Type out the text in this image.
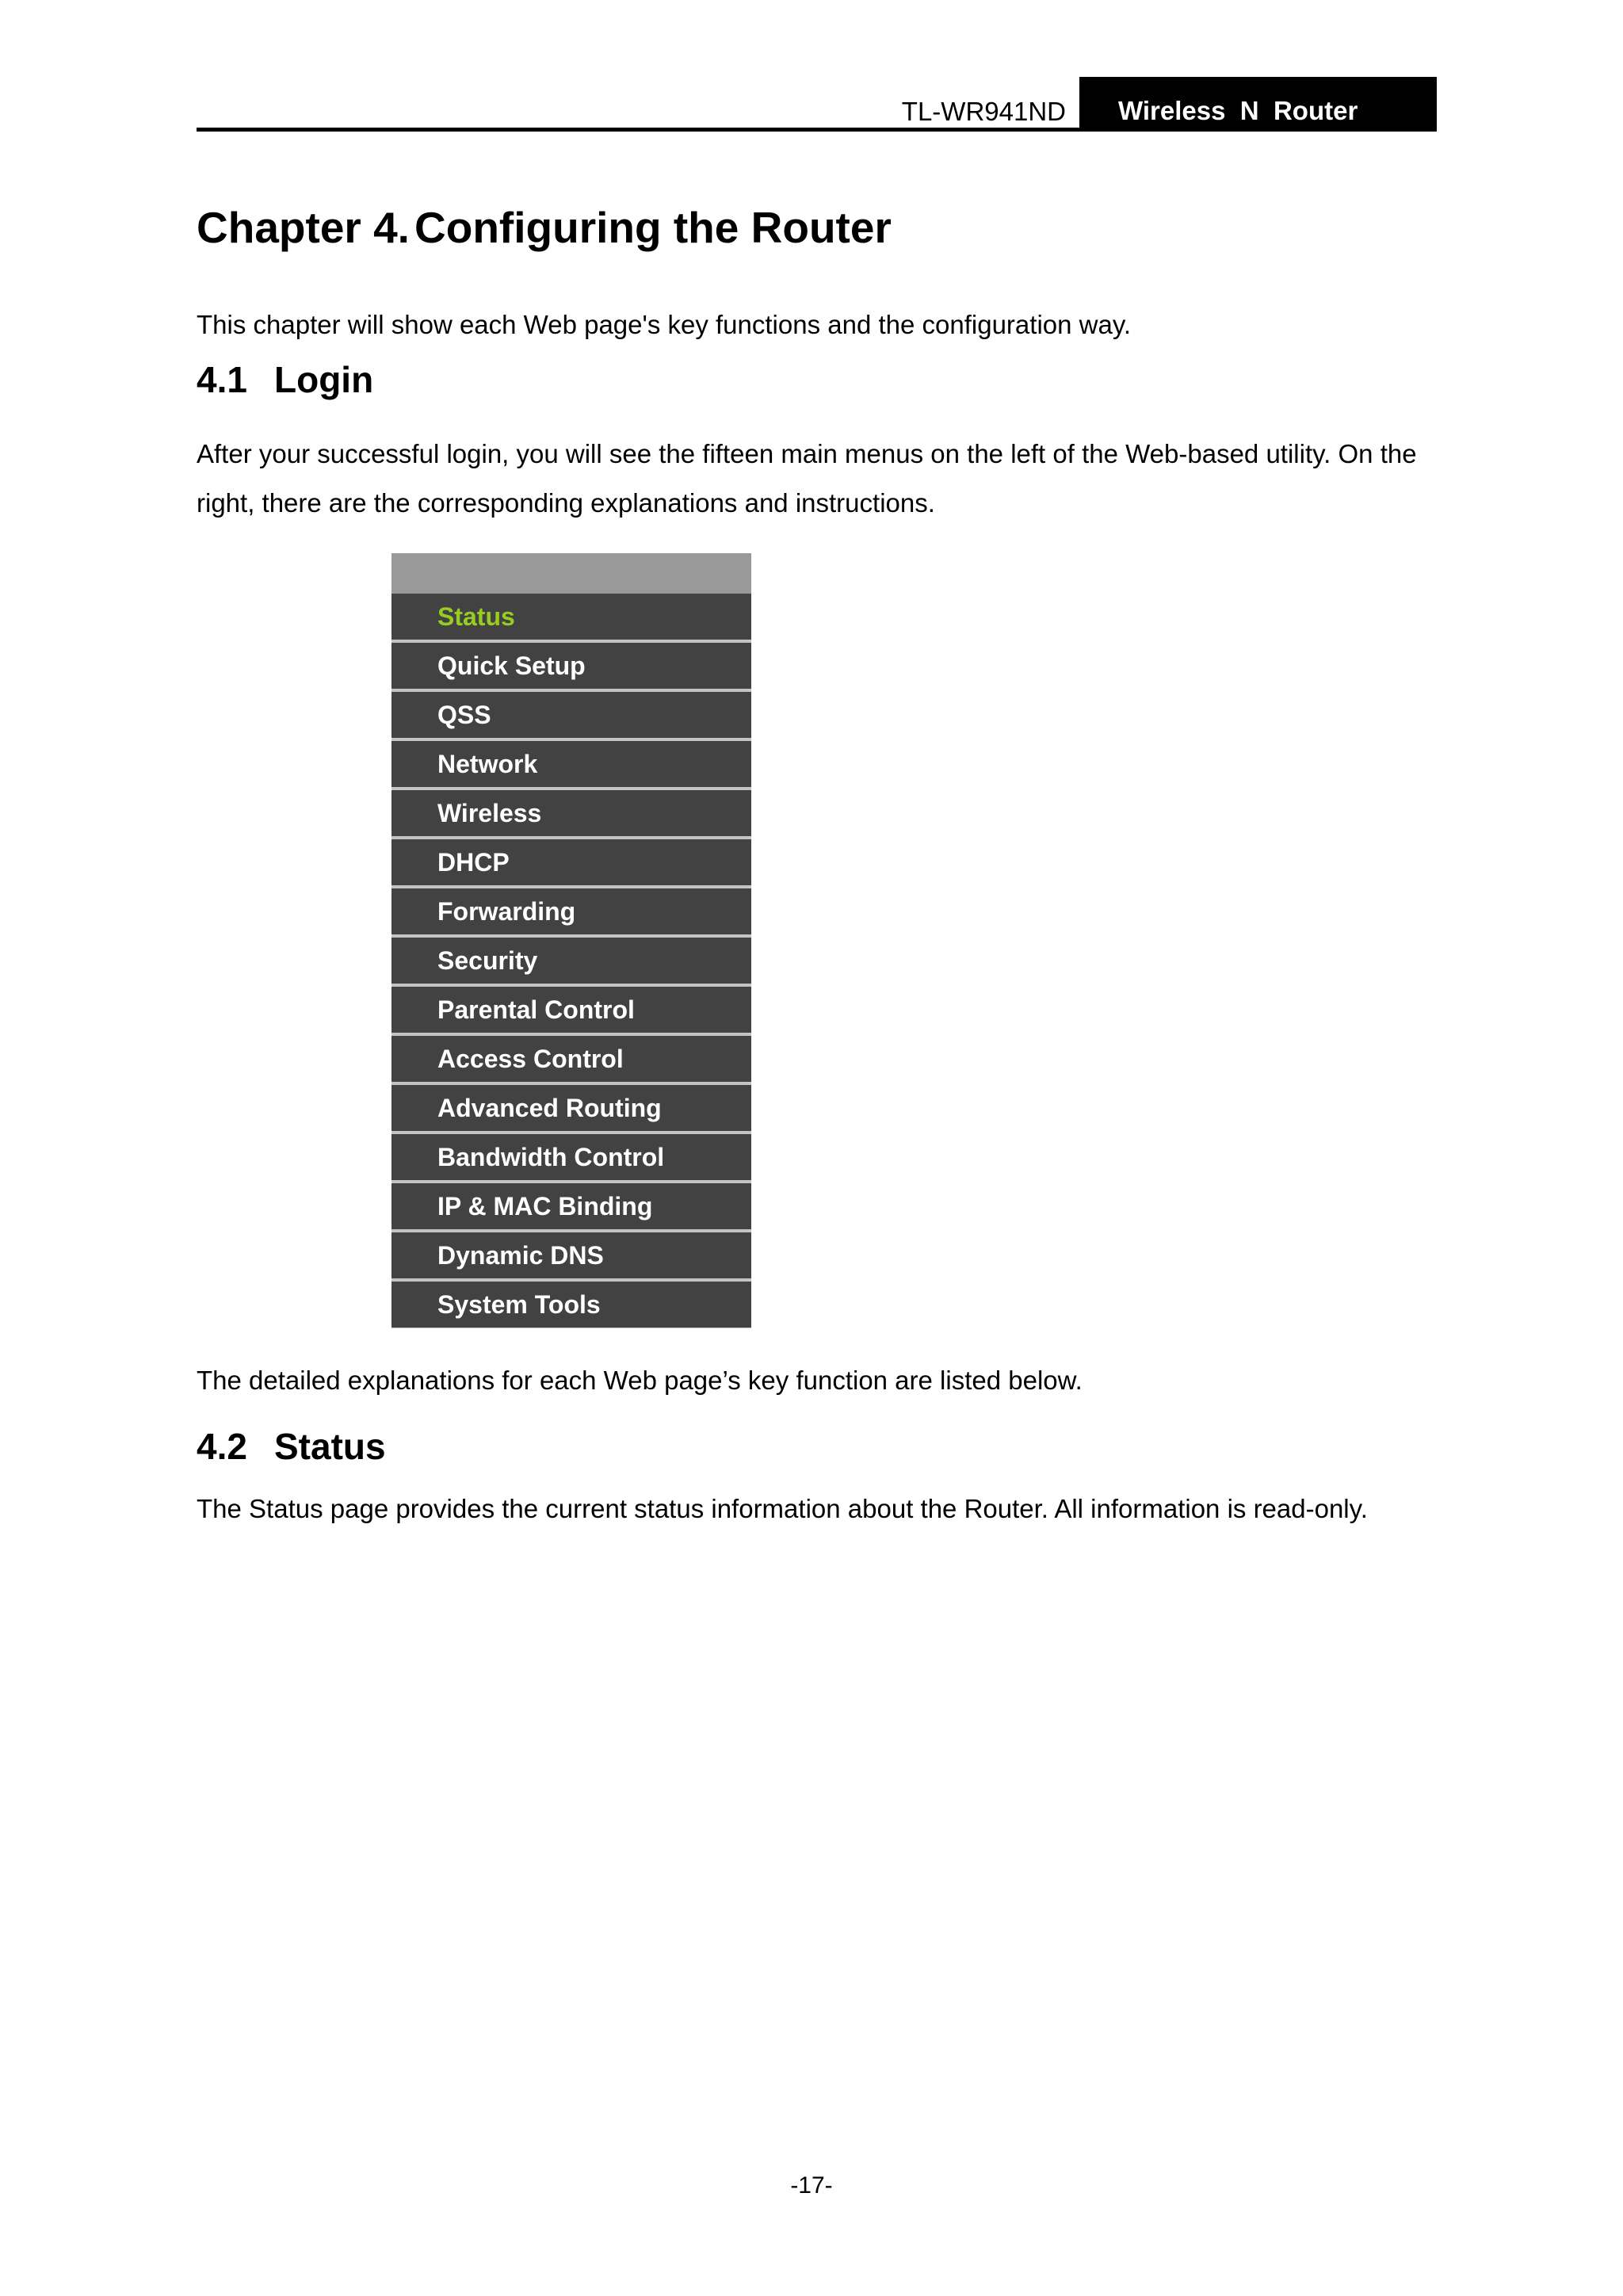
TL-WR941ND	Wireless  N  Router
Chapter 4. Configuring the Router

This chapter will show each Web page's key functions and the configuration way.

4.1 Login

After your successful login, you will see the fifteen main menus on the left of the Web-based utility. On the right, there are the corresponding explanations and instructions.

Status
Quick Setup
QSS
Network
Wireless
DHCP
Forwarding
Security
Parental Control
Access Control
Advanced Routing
Bandwidth Control
IP & MAC Binding
Dynamic DNS
System Tools

The detailed explanations for each Web page’s key function are listed below.

4.2 Status

The Status page provides the current status information about the Router. All information is read-only.

-17-
